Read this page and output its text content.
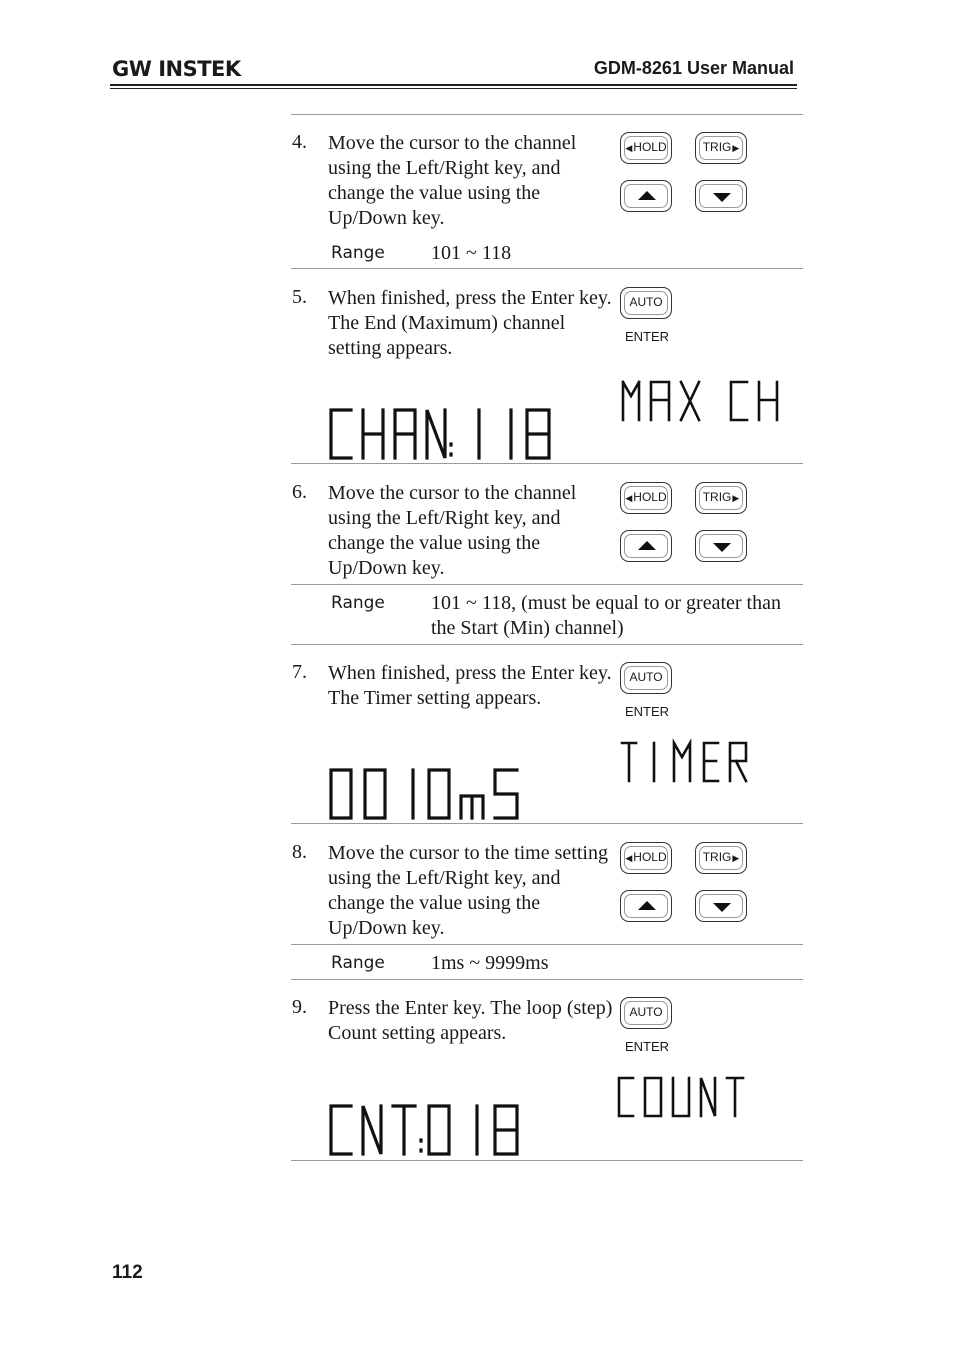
GW INSTEK	GDM-8261 User Manual
4. Move the cursor to the channel using the Left/Right key, and change the value using the Up/Down key.
◀ HOLD	TRIG ▶
Range 101 ~ 118
5. When finished, press the Enter key. The End (Maximum) channel setting appears.
AUTO
ENTER
6. Move the cursor to the channel using the Left/Right key, and change the value using the Up/Down key.
◀ HOLD	TRIG ▶
Range 101 ~ 118, (must be equal to or greater than the Start (Min) channel)
7. When finished, press the Enter key. The Timer setting appears.
AUTO
ENTER
8. Move the cursor to the time setting using the Left/Right key, and change the value using the Up/Down key.
◀ HOLD	TRIG ▶
Range 1ms ~ 9999ms
9. Press the Enter key. The loop (step) Count setting appears.
AUTO
ENTER
112
